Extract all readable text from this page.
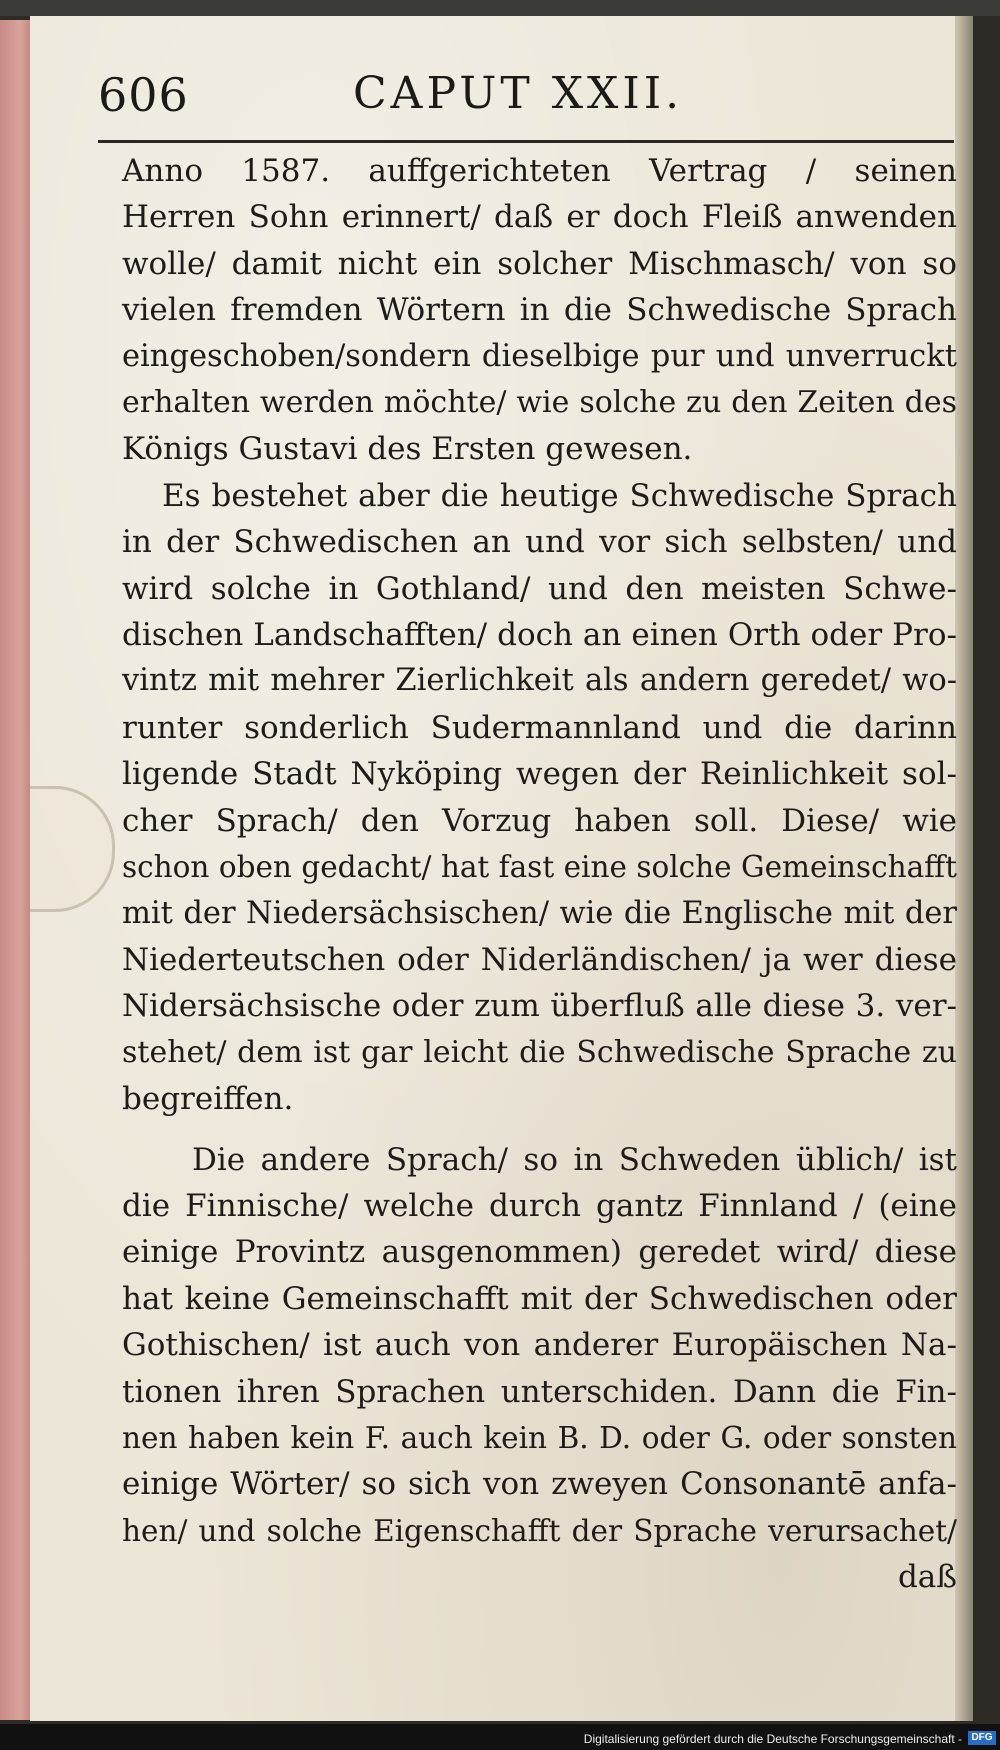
606	CAPUT XXII.
Anno 1587. auffgerichteten Vertrag / seinen
Herren Sohn erinnert/ daß er doch Fleiß anwenden
wolle/ damit nicht ein solcher Mischmasch/ von so
vielen fremden Wörtern in die Schwedische Sprach
eingeschoben/sondern dieselbige pur und unverruckt
erhalten werden möchte/ wie solche zu den Zeiten des
Königs Gustavi des Ersten gewesen.
Es bestehet aber die heutige Schwedische Sprach
in der Schwedischen an und vor sich selbsten/ und
wird solche in Gothland/ und den meisten Schwe-
dischen Landschafften/ doch an einen Orth oder Pro-
vintz mit mehrer Zierlichkeit als andern geredet/ wo-
runter sonderlich Sudermannland und die darinn
ligende Stadt Nyköping wegen der Reinlichkeit sol-
cher Sprach/ den Vorzug haben soll. Diese/ wie
schon oben gedacht/ hat fast eine solche Gemeinschafft
mit der Niedersächsischen/ wie die Englische mit der
Niederteutschen oder Niderländischen/ ja wer diese
Nidersächsische oder zum überfluß alle diese 3. ver-
stehet/ dem ist gar leicht die Schwedische Sprache zu
begreiffen.
Die andere Sprach/ so in Schweden üblich/ ist
die Finnische/ welche durch gantz Finnland / (eine
einige Provintz ausgenommen) geredet wird/ diese
hat keine Gemeinschafft mit der Schwedischen oder
Gothischen/ ist auch von anderer Europäischen Na-
tionen ihren Sprachen unterschiden. Dann die Fin-
nen haben kein F. auch kein B. D. oder G. oder sonsten
einige Wörter/ so sich von zweyen Consonantē anfa-
hen/ und solche Eigenschafft der Sprache verursachet/
daß
Digitalisierung gefördert durch die Deutsche Forschungsgemeinschaft - DFG
